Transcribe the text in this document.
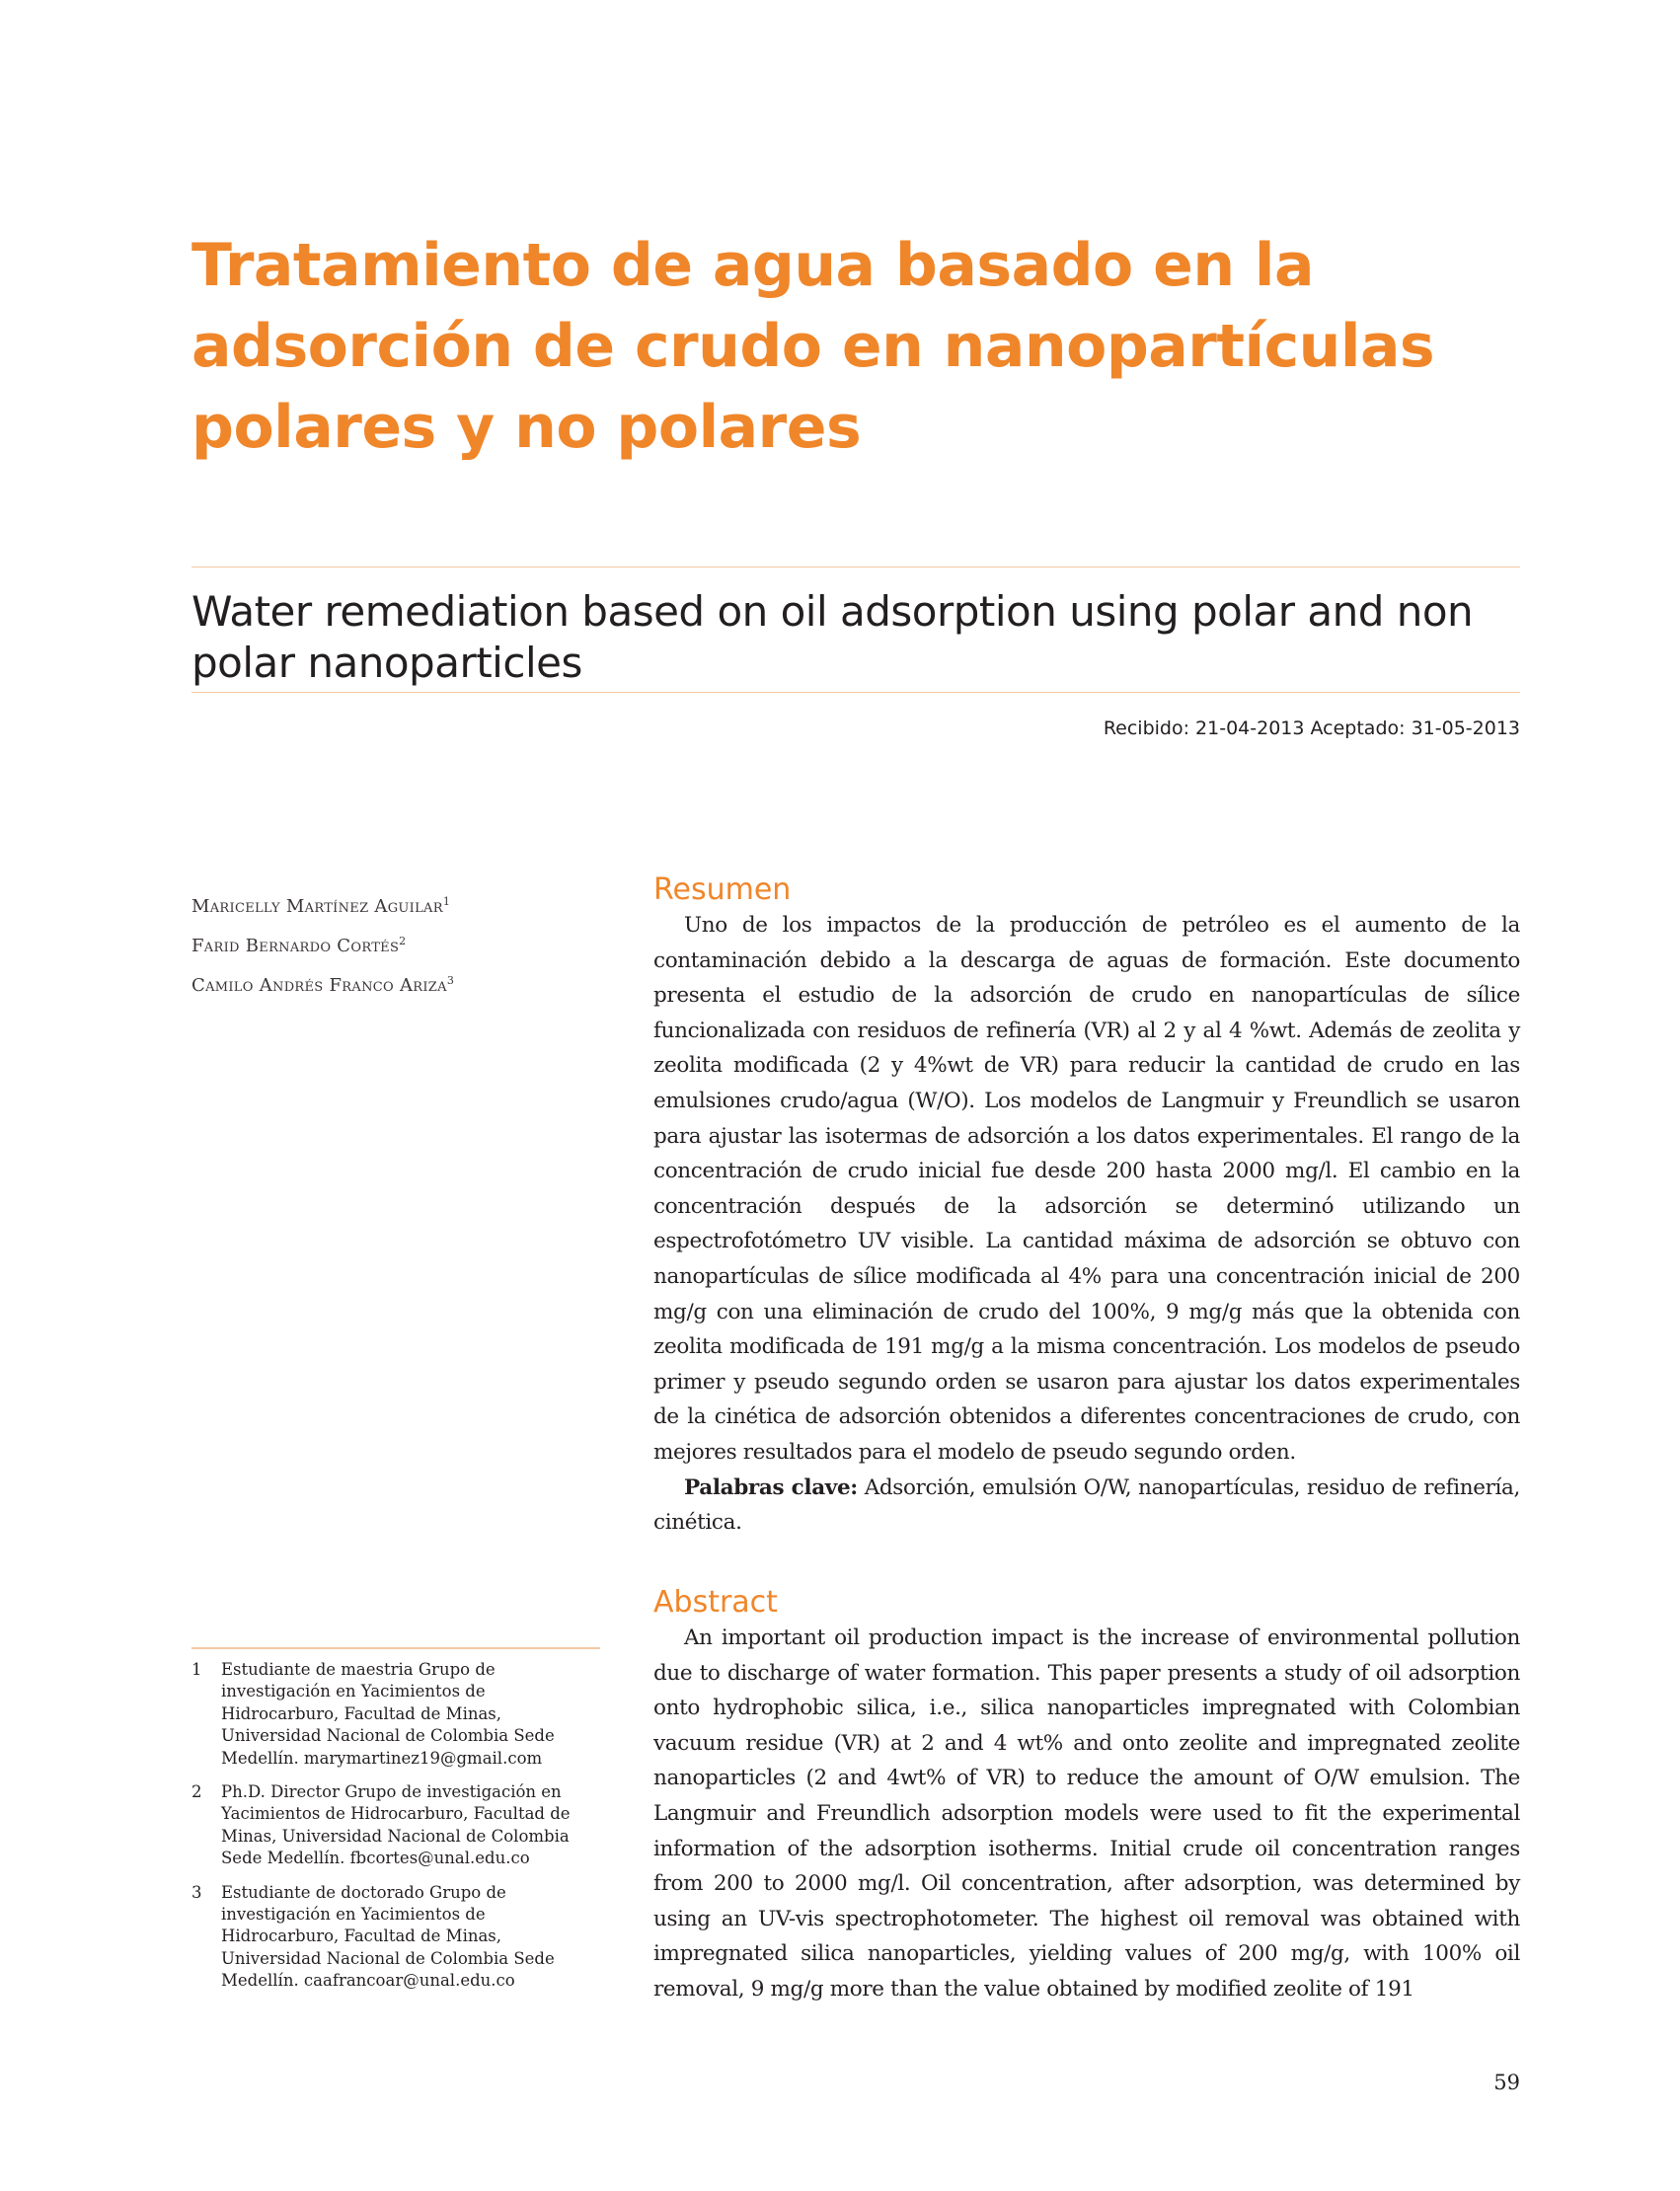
Tratamiento de agua basado en la adsorción de crudo en nanopartículas polares y no polares
Water remediation based on oil adsorption using polar and non polar nanoparticles
Recibido: 21-04-2013 Aceptado: 31-05-2013
Maricelly Martínez Aguilar$^1$
Farid Bernardo Cortés$^2$
Camilo Andrés Franco Ariza$^3$
1	Estudiante de maestria Grupo de investigación en Yacimientos de Hidrocarburo, Facultad de Minas, Universidad Nacional de Colombia Sede Medellín. marymartinez19@gmail.com
2	Ph.D. Director Grupo de investigación en Yacimientos de Hidrocarburo, Facultad de Minas, Universidad Nacional de Colombia Sede Medellín. fbcortes@unal.edu.co
3	Estudiante de doctorado Grupo de investigación en Yacimientos de Hidrocarburo, Facultad de Minas, Universidad Nacional de Colombia Sede Medellín. caafrancoar@unal.edu.co
Resumen

Uno de los impactos de la producción de petróleo es el aumento de la contaminación debido a la descarga de aguas de formación. Este documento presenta el estudio de la adsorción de crudo en nanopartículas de sílice funcionalizada con residuos de refinería (VR) al 2 y al 4 %wt. Además de zeolita y zeolita modificada (2 y 4%wt de VR) para reducir la cantidad de crudo en las emulsiones crudo/agua (W/O). Los modelos de Langmuir y Freundlich se usaron para ajustar las isotermas de adsorción a los datos experimentales. El rango de la concentración de crudo inicial fue desde 200 hasta 2000 mg/l. El cambio en la concentración después de la adsorción se determinó utilizando un espectrofotómetro UV visible. La cantidad máxima de adsorción se obtuvo con nanopartículas de sílice modificada al 4% para una concentración inicial de 200 mg/g con una eliminación de crudo del 100%, 9 mg/g más que la obtenida con zeolita modificada de 191 mg/g a la misma concentración. Los modelos de pseudo primer y pseudo segundo orden se usaron para ajustar los datos experimentales de la cinética de adsorción obtenidos a diferentes concentraciones de crudo, con mejores resultados para el modelo de pseudo segundo orden.

Palabras clave: Adsorción, emulsión O/W, nanopartículas, residuo de refinería, cinética.

Abstract

An important oil production impact is the increase of environmental pollution due to discharge of water formation. This paper presents a study of oil adsorption onto hydrophobic silica, i.e., silica nanoparticles impregnated with Colombian vacuum residue (VR) at 2 and 4 wt% and onto zeolite and impregnated zeolite nanoparticles (2 and 4wt% of VR) to reduce the amount of O/W emulsion. The Langmuir and Freundlich adsorption models were used to fit the experimental information of the adsorption isotherms. Initial crude oil concentration ranges from 200 to 2000 mg/l. Oil concentration, after adsorption, was determined by using an UV-vis spectrophotometer. The highest oil removal was obtained with impregnated silica nanoparticles, yielding values of 200 mg/g, with 100% oil removal, 9 mg/g more than the value obtained by modified zeolite of 191

59
